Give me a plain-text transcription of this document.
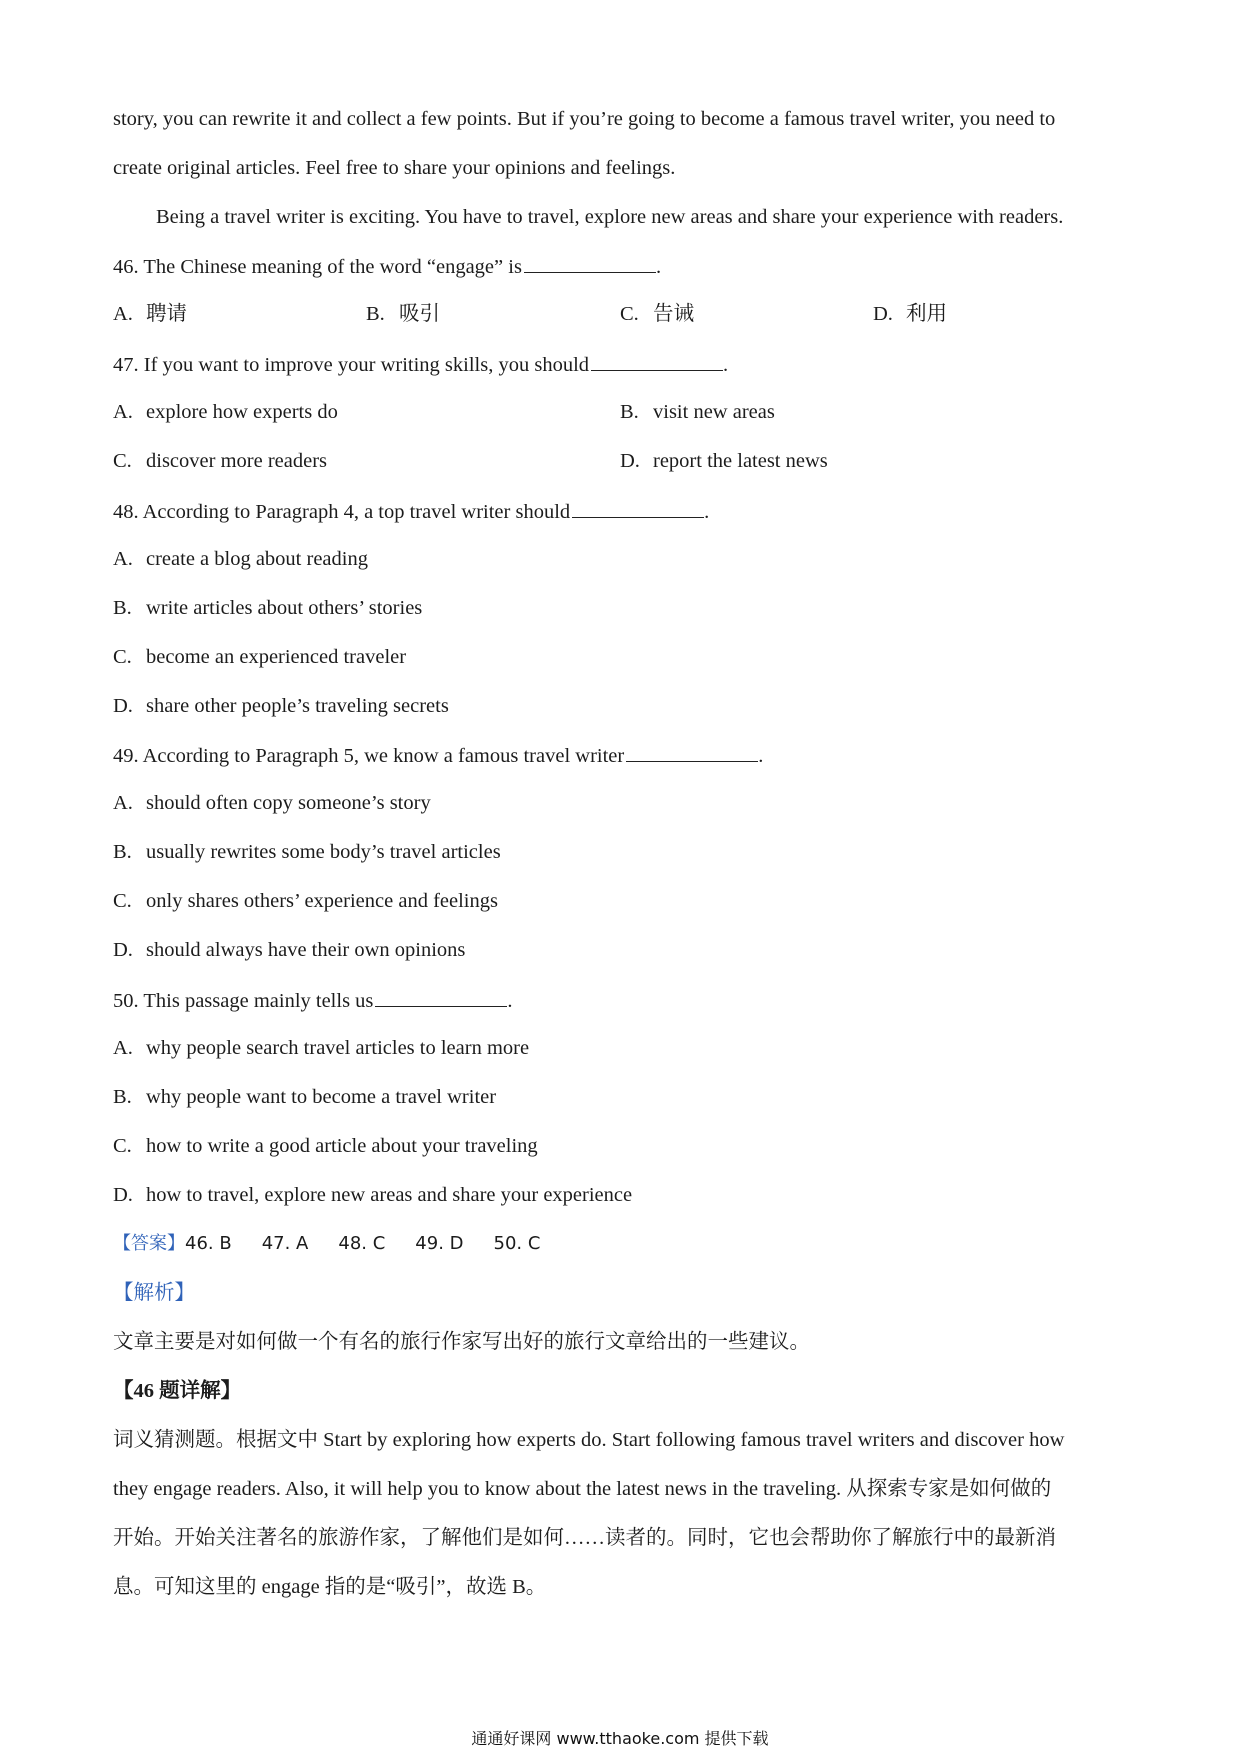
story, you can rewrite it and collect a few points. But if you’re going to become a famous travel writer, you need to
create original articles. Feel free to share your opinions and feelings.
Being a travel writer is exciting. You have to travel, explore new areas and share your experience with readers.
46. The Chinese meaning of the word “engage” is	.
A. 聘请	B. 吸引	C. 告诫	D. 利用
47. If you want to improve your writing skills, you should	.
A. explore how experts do	B. visit new areas
C. discover more readers	D. report the latest news
48. According to Paragraph 4, a top travel writer should	.
A. create a blog about reading
B. write articles about others’ stories
C. become an experienced traveler
D. share other people’s traveling secrets
49. According to Paragraph 5, we know a famous travel writer	.
A. should often copy someone’s story
B. usually rewrites some body’s travel articles
C. only shares others’ experience and feelings
D. should always have their own opinions
50. This passage mainly tells us	.
A. why people search travel articles to learn more
B. why people want to become a travel writer
C. how to write a good article about your traveling
D. how to travel, explore new areas and share your experience
【答案】46. B 47. A 48. C 49. D 50. C
【解析】
文章主要是对如何做一个有名的旅行作家写出好的旅行文章给出的一些建议。
【46 题详解】
词义猜测题。根据文中 Start by exploring how experts do. Start following famous travel writers and discover how
they engage readers. Also, it will help you to know about the latest news in the traveling. 从探索专家是如何做的
开始。开始关注著名的旅游作家，了解他们是如何……读者的。同时，它也会帮助你了解旅行中的最新消
息。可知这里的 engage 指的是“吸引”，故选 B。
通通好课网 www.tthaoke.com 提供下载
